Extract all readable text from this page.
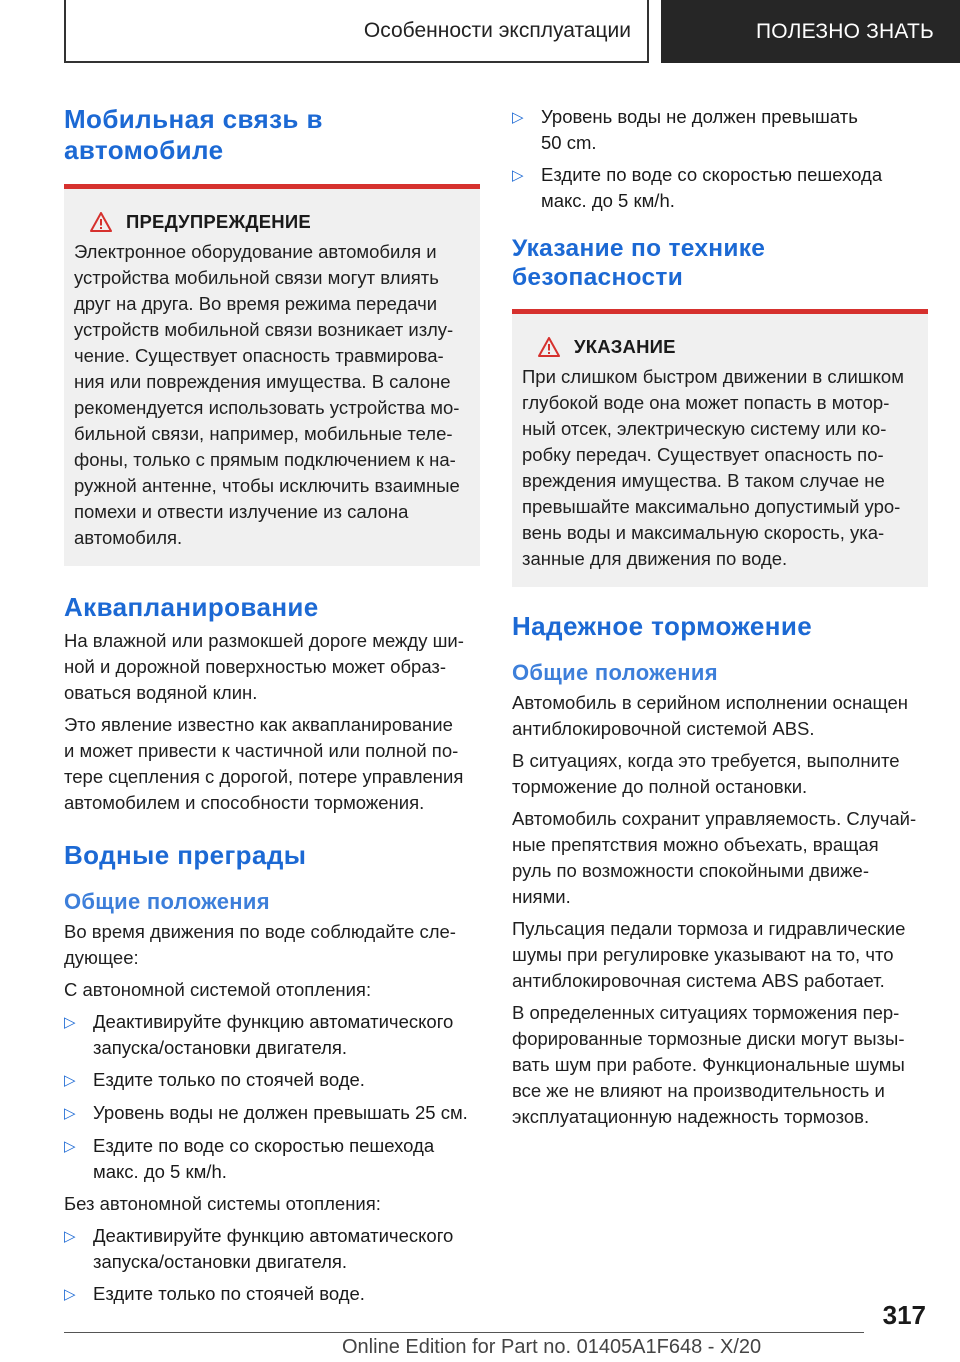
Особенности эксплуатации	ПОЛЕЗНО ЗНАТЬ
Мобильная связь в автомобиле
ПРЕДУПРЕЖДЕНИЕ

Электронное оборудование автомобиля и
устройства мобильной связи могут влиять
друг на друга. Во время режима передачи
устройств мобильной связи возникает излу-
чение. Существует опасность травмирова-
ния или повреждения имущества. В салоне
рекомендуется использовать устройства мо-
бильной связи, например, мобильные теле-
фоны, только с прямым подключением к на-
ружной антенне, чтобы исключить взаимные
помехи и отвести излучение из салона
автомобиля.

Аквапланирование

На влажной или размокшей дороге между ши-
ной и дорожной поверхностью может образ-
оваться водяной клин.

Это явление известно как аквапланирование
и может привести к частичной или полной по-
тере сцепления с дорогой, потере управления
автомобилем и способности торможения.

Водные преграды
Общие положения

Во время движения по воде соблюдайте сле-
дующее:

С автономной системой отопления:

▷ Деактивируйте функцию автоматического
запуска/остановки двигателя.
▷ Ездите только по стоячей воде.
▷ Уровень воды не должен превышать 25 см.
▷ Ездите по воде со скоростью пешехода
макс. до 5 км/h.

Без автономной системы отопления:

▷ Деактивируйте функцию автоматического
запуска/остановки двигателя.
▷ Ездите только по стоячей воде.
▷ Уровень воды не должен превышать
50 cm.
▷ Ездите по воде со скоростью пешехода
макс. до 5 км/h.
Указание по технике безопасности
УКАЗАНИЕ

При слишком быстром движении в слишком
глубокой воде она может попасть в мотор-
ный отсек, электрическую систему или ко-
робку передач. Существует опасность по-
вреждения имущества. В таком случае не
превышайте максимально допустимый уро-
вень воды и максимальную скорость, ука-
занные для движения по воде.

Надежное торможение
Общие положения

Автомобиль в серийном исполнении оснащен
антиблокировочной системой ABS.

В ситуациях, когда это требуется, выполните
торможение до полной остановки.

Автомобиль сохранит управляемость. Случай-
ные препятствия можно объехать, вращая
руль по возможности спокойными движе-
ниями.

Пульсация педали тормоза и гидравлические
шумы при регулировке указывают на то, что
антиблокировочная система ABS работает.

В определенных ситуациях торможения пер-
форированные тормозные диски могут вызы-
вать шум при работе. Функциональные шумы
все же не влияют на производительность и
эксплуатационную надежность тормозов.

317
Online Edition for Part no. 01405A1F648 - X/20
